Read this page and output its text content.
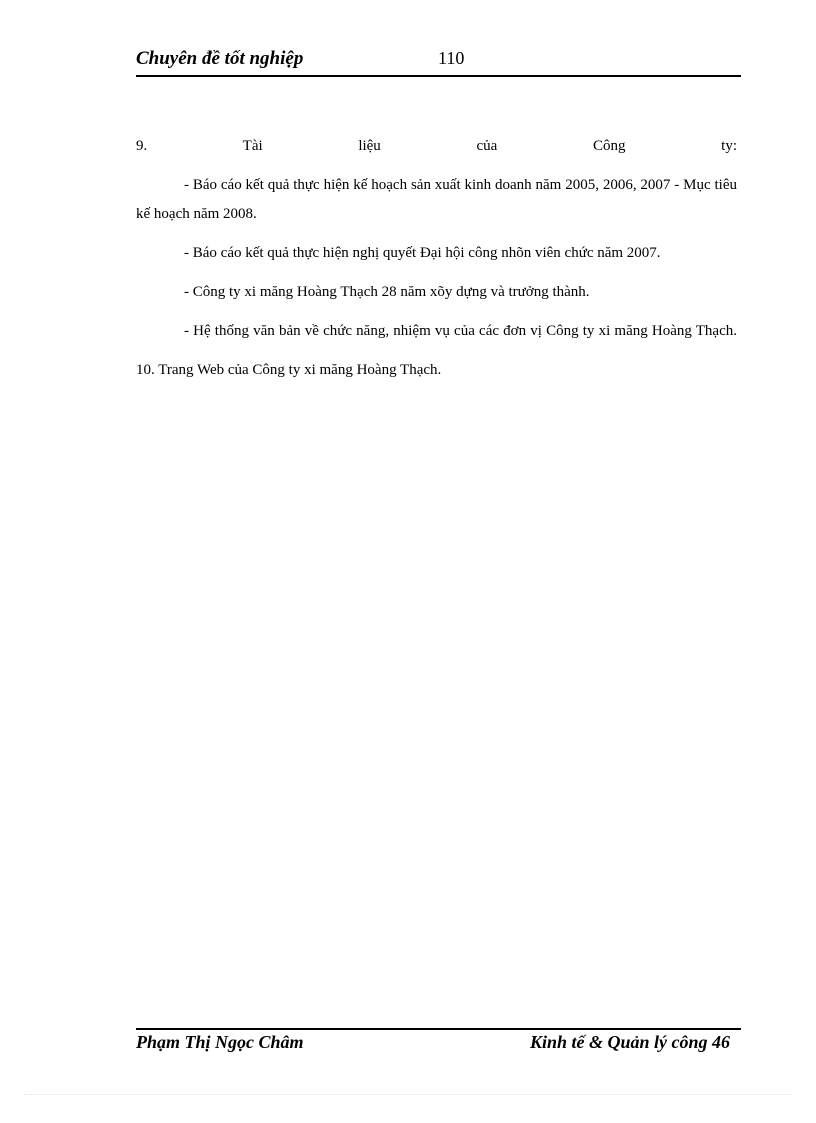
Chuyên đề tốt nghiệp	110
9. Tài liệu của Công ty:
- Báo cáo kết quả thực hiện kế hoạch sản xuất kinh doanh năm 2005, 2006, 2007 - Mục tiêu kế hoạch năm 2008.
- Báo cáo kết quả thực hiện nghị quyết Đại hội công nhõn viên chức năm 2007.
- Công ty xi măng Hoàng Thạch 28 năm xõy dựng và trưởng thành.
- Hệ thống văn bản về chức năng, nhiệm vụ của các đơn vị Công ty xi măng Hoàng Thạch.
10. Trang Web của Công ty xi măng Hoàng Thạch.
Phạm Thị Ngọc Châm	Kinh tế & Quản lý công 46
